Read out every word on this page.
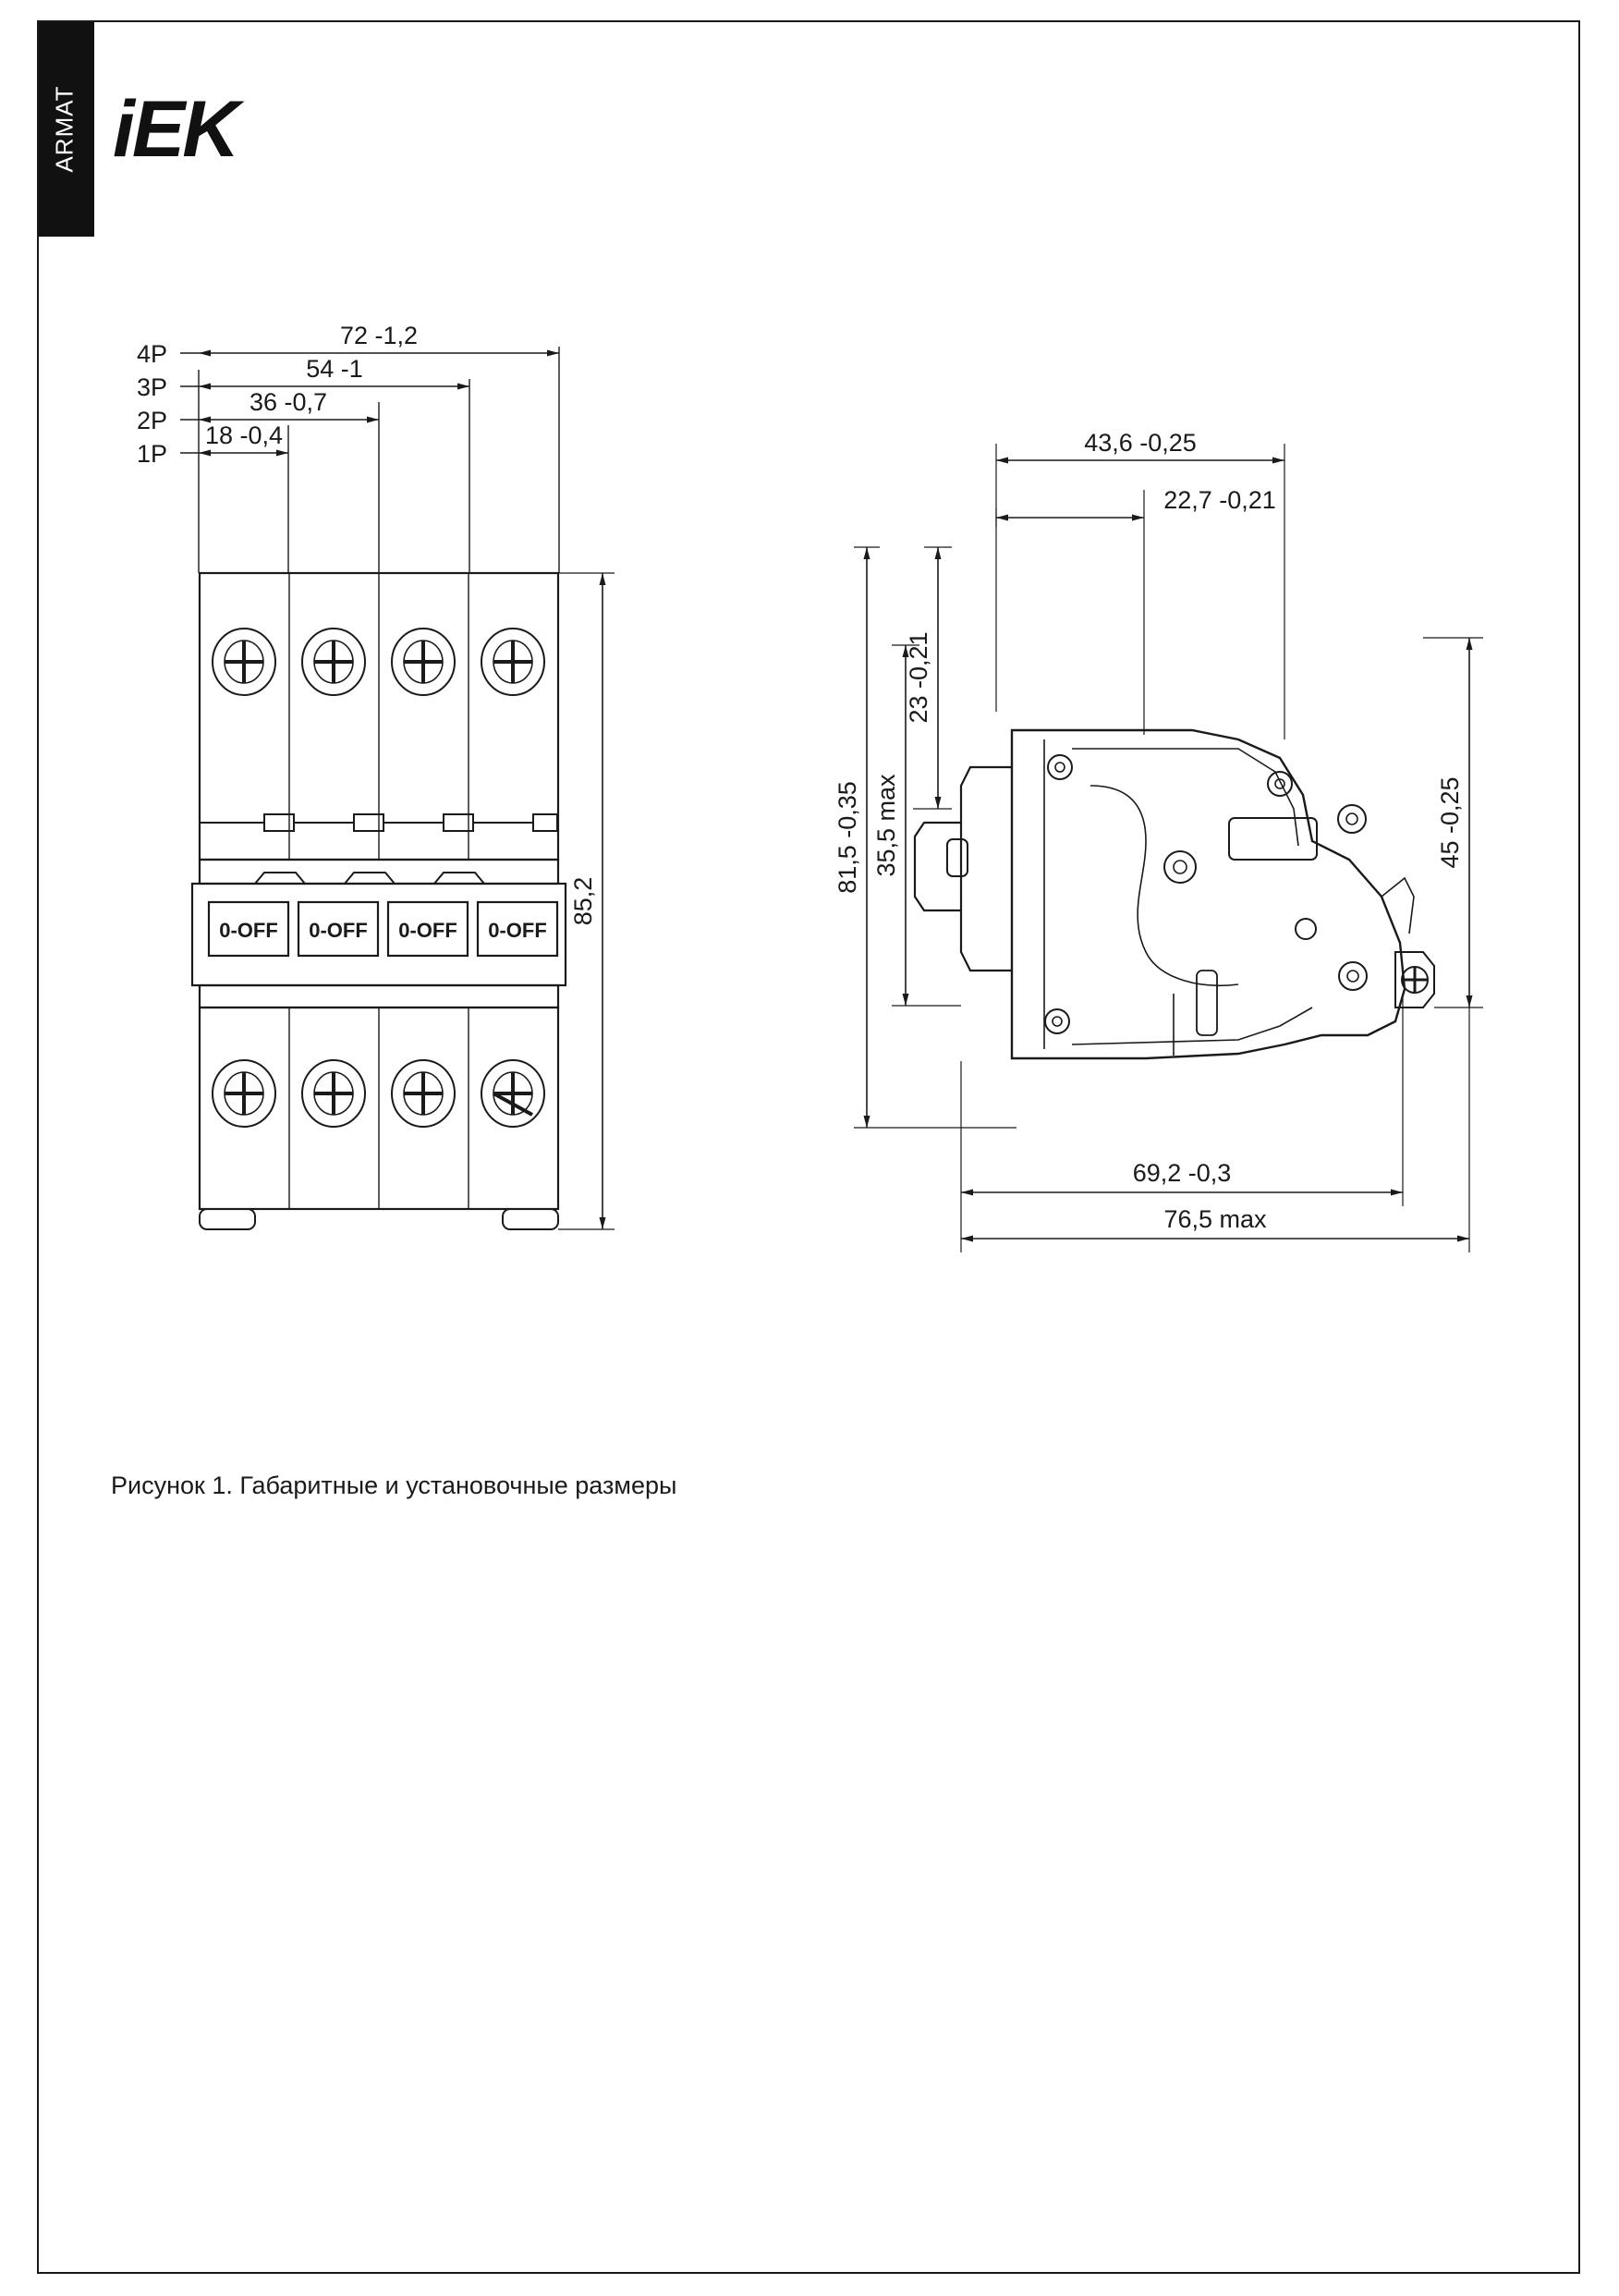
ARMAT iEK
4P
3P
2P
1P
72 -1,2
54 -1
36 -0,7
18 -0,4
0-OFF 0-OFF 0-OFF 0-OFF
85,2
43,6 -0,25
22,7 -0,21
23 -0,21
35,5 max
81,5 -0,35	45 -0,25
69,2 -0,3
76,5 max
Рисунок 1. Габаритные и установочные размеры
